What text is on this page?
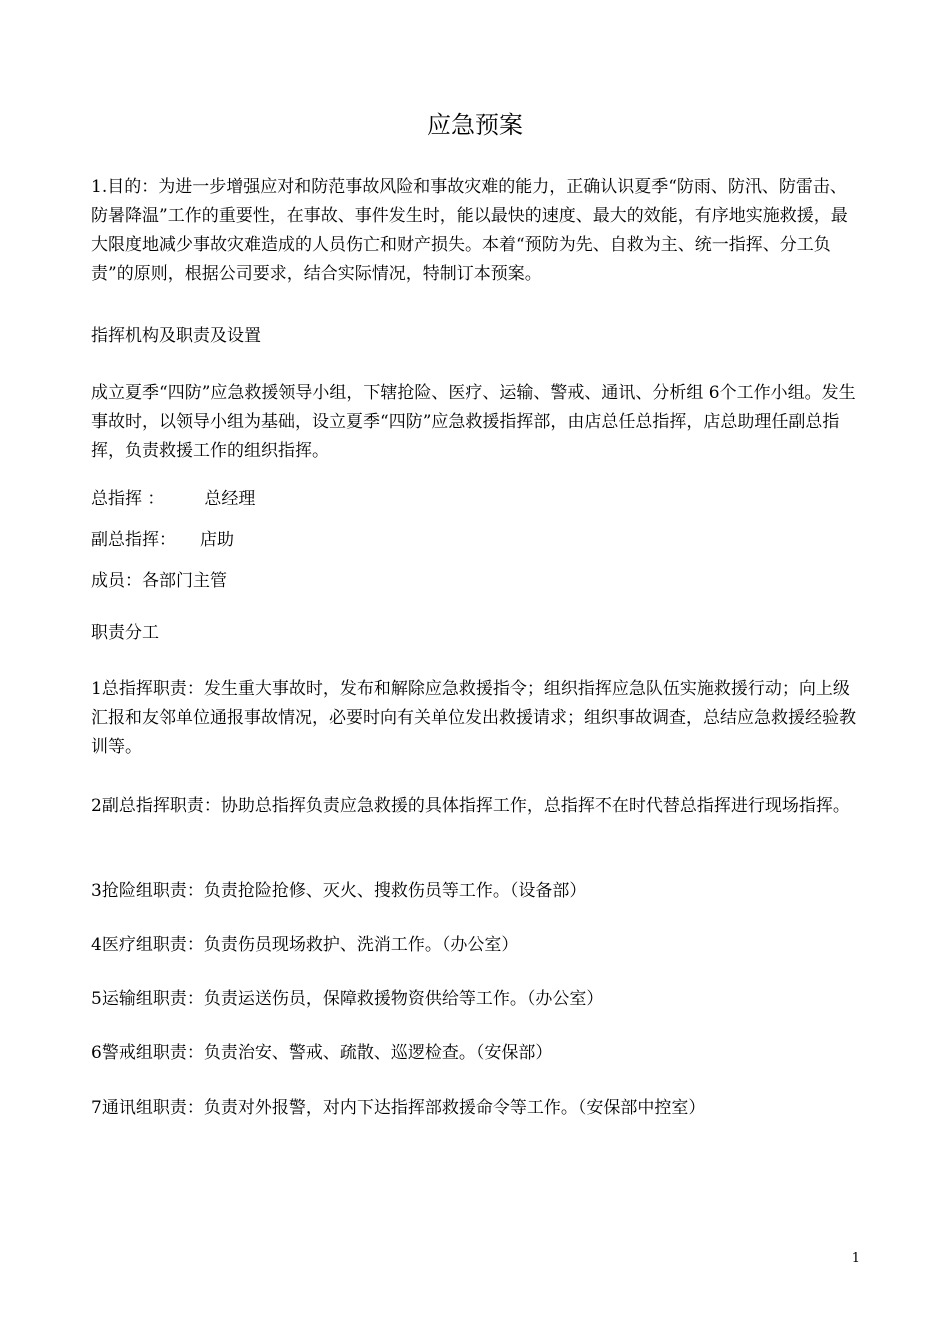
应急预案

1.目的：为进一步增强应对和防范事故风险和事故灾难的能力，正确认识夏季“防雨、防汛、防雷击、防暑降温”工作的重要性，在事故、事件发生时，能以最快的速度、最大的效能，有序地实施救援，最大限度地减少事故灾难造成的人员伤亡和财产损失。本着“预防为先、自救为主、统一指挥、分工负责”的原则，根据公司要求，结合实际情况，特制订本预案。

指挥机构及职责及设置

成立夏季“四防”应急救援领导小组，下辖抢险、医疗、运输、警戒、通讯、分析组 6个工作小组。发生事故时，以领导小组为基础，设立夏季“四防”应急救援指挥部，由店总任总指挥，店总助理任副总指挥，负责救援工作的组织指挥。

总指挥 ： 总经理

副总指挥： 店助

成员：各部门主管

职责分工

1总指挥职责：发生重大事故时，发布和解除应急救援指令；组织指挥应急队伍实施救援行动；向上级汇报和友邻单位通报事故情况，必要时向有关单位发出救援请求；组织事故调查，总结应急救援经验教训等。

2副总指挥职责：协助总指挥负责应急救援的具体指挥工作，总指挥不在时代替总指挥进行现场指挥。

3抢险组职责：负责抢险抢修、灭火、搜救伤员等工作。（设备部）

4医疗组职责：负责伤员现场救护、洗消工作。（办公室）

5运输组职责：负责运送伤员，保障救援物资供给等工作。（办公室）

6警戒组职责：负责治安、警戒、疏散、巡逻检查。（安保部）

7通讯组职责：负责对外报警，对内下达指挥部救援命令等工作。（安保部中控室）

1
